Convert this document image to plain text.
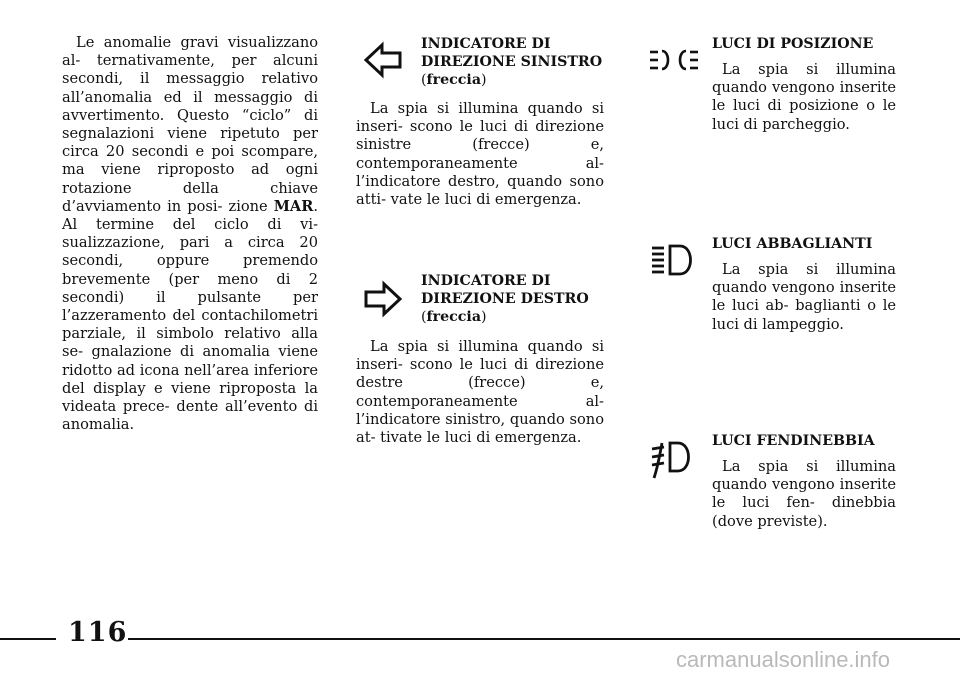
Le anomalie gravi visualizzano al- ternativamente, per alcuni secondi, il messaggio relativo all’anomalia ed il messaggio di avvertimento. Questo “ciclo” di segnalazioni viene ripetuto per circa 20 secondi e poi scompare, ma viene riproposto ad ogni rotazione della chiave d’avviamento in posi- zione MAR. Al termine del ciclo di vi- sualizzazione, pari a circa 20 secondi, oppure premendo brevemente (per meno di 2 secondi) il pulsante per l’azzeramento del contachilometri parziale, il simbolo relativo alla se- gnalazione di anomalia viene ridotto ad icona nell’area inferiore del display e viene riproposta la videata prece- dente all’evento di anomalia.

INDICATORE DI
DIREZIONE SINISTRO
(freccia)
La spia si illumina quando si inseri- scono le luci di direzione sinistre (frecce) e, contemporaneamente al- l’indicatore destro, quando sono atti- vate le luci di emergenza.
INDICATORE DI
DIREZIONE DESTRO
(freccia)
La spia si illumina quando si inseri- scono le luci di direzione destre (frecce) e, contemporaneamente al- l’indicatore sinistro, quando sono at- tivate le luci di emergenza.
LUCI DI POSIZIONE
La spia si illumina quando vengono inserite le luci di posizione o le luci di parcheggio.
LUCI ABBAGLIANTI
La spia si illumina quando vengono inserite le luci ab- baglianti o le luci di lampeggio.
LUCI FENDINEBBIA
La spia si illumina quando vengono inserite le luci fen- dinebbia (dove previste).
116
carmanualsonline.info
